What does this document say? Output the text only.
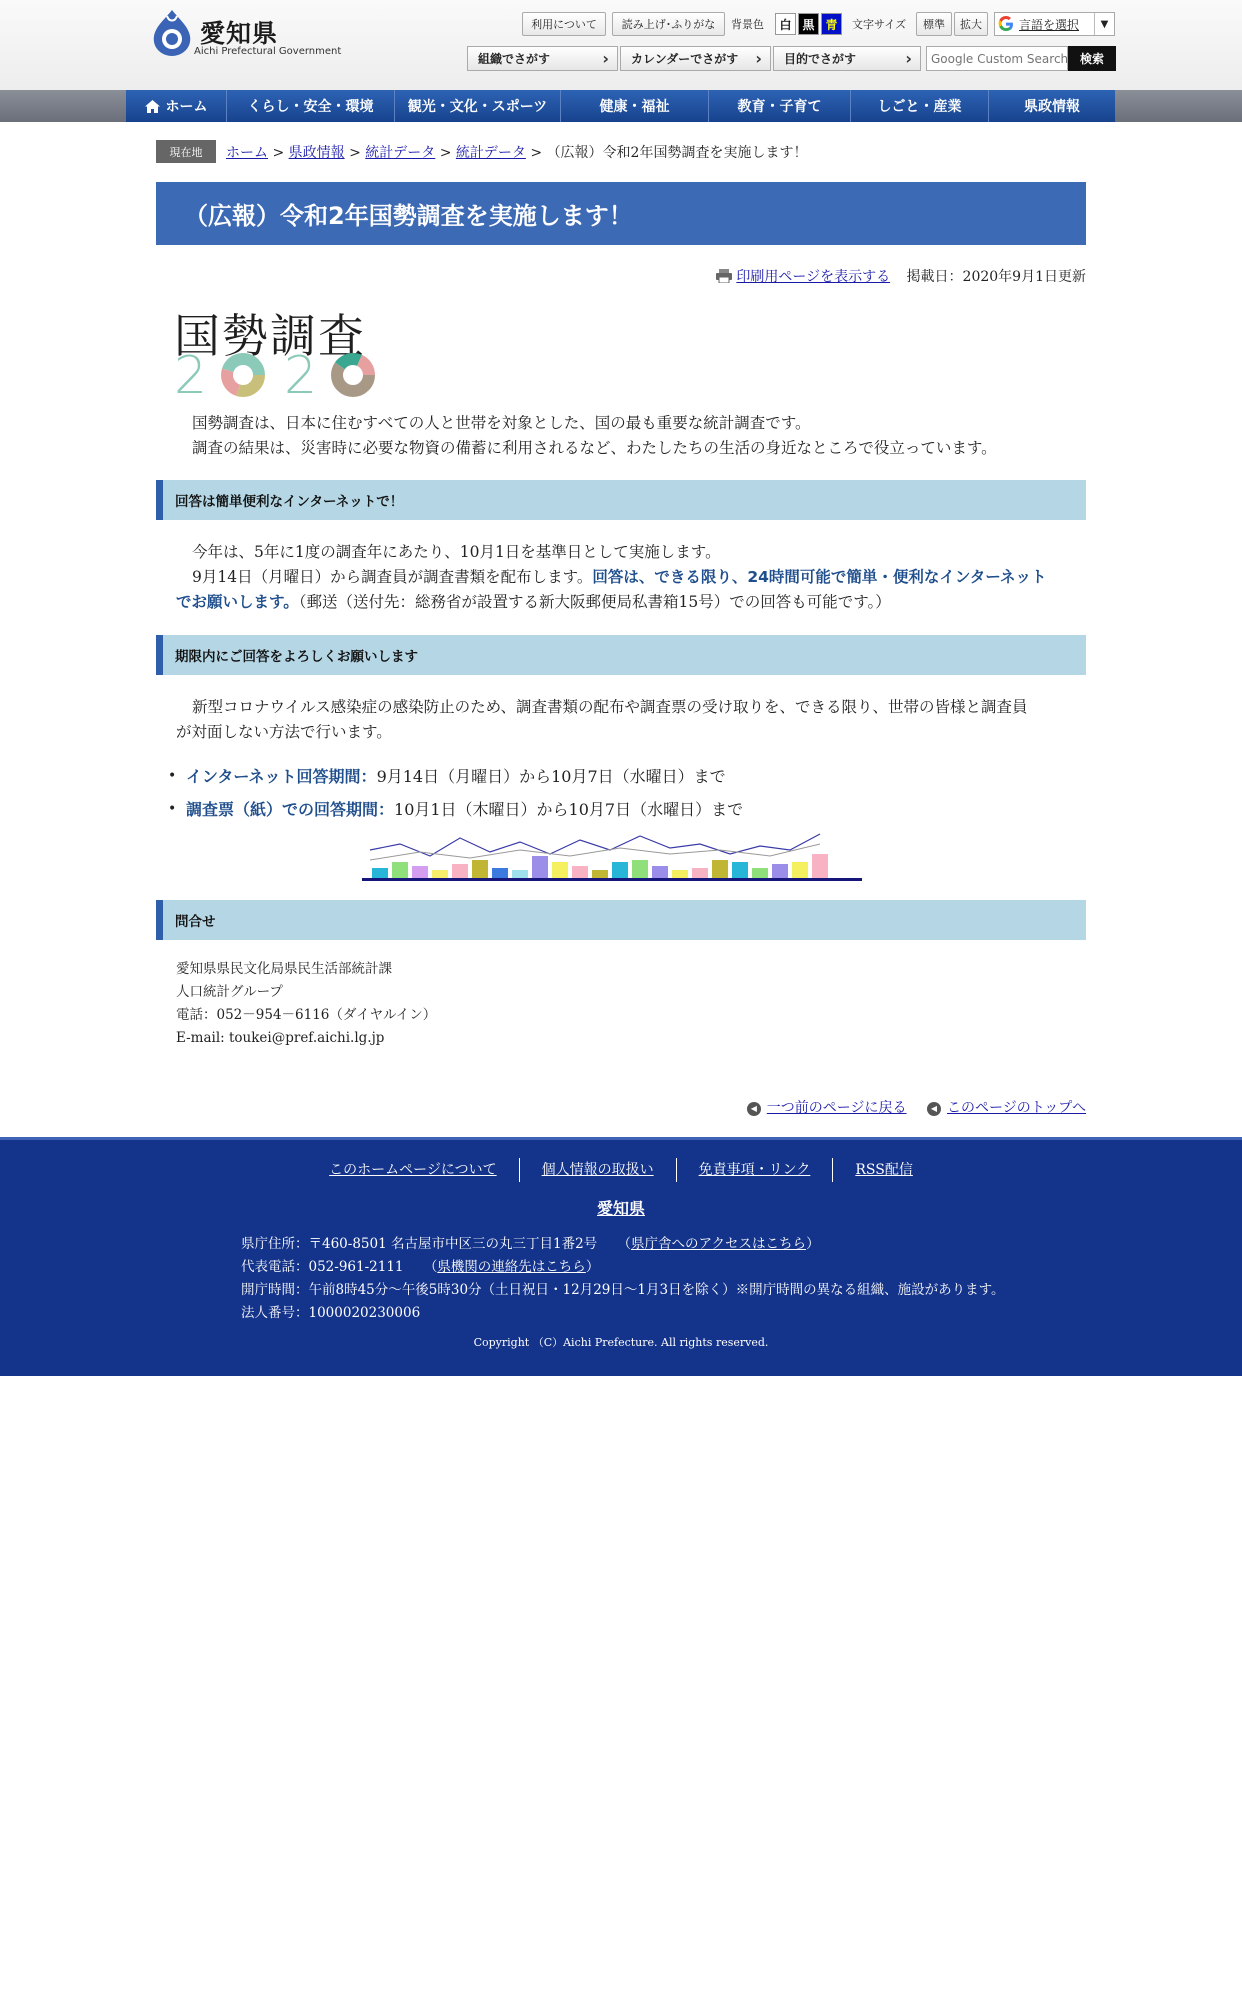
愛知県
Aichi Prefectural Government
利用について	読み上げ･ふりがな	背景色	白 黒 青	文字サイズ	標準	拡大	言語を選択	▼
組織でさがす	› カレンダーでさがす › 目的でさがす	›
Google Custom Search	検索
ホーム	くらし・安全・環境	観光・文化・スポーツ	健康・福祉	教育・子育て	しごと・産業	県政情報
現在地	ホーム > 県政情報 > 統計データ > 統計データ > （広報）令和2年国勢調査を実施します！
（広報）令和2年国勢調査を実施します！
印刷用ページを表示する 掲載日：2020年9月1日更新
国勢調査
2 2
国勢調査は、日本に住むすべての人と世帯を対象とした、国の最も重要な統計調査です。
調査の結果は、災害時に必要な物資の備蓄に利用されるなど、わたしたちの生活の身近なところで役立っています。
回答は簡単便利なインターネットで！
今年は、5年に1度の調査年にあたり、10月1日を基準日として実施します。
9月14日（月曜日）から調査員が調査書類を配布します。回答は、できる限り、24時間可能で簡単・便利なインターネット
でお願いします。（郵送（送付先：総務省が設置する新大阪郵便局私書箱15号）での回答も可能です。）
期限内にご回答をよろしくお願いします
新型コロナウイルス感染症の感染防止のため、調査書類の配布や調査票の受け取りを、できる限り、世帯の皆様と調査員
が対面しない方法で行います。
• インターネット回答期間： 9月14日（月曜日）から10月7日（水曜日）まで
• 調査票（紙）での回答期間： 10月1日（木曜日）から10月7日（水曜日）まで
問合せ
愛知県県民文化局県民生活部統計課
人口統計グループ
電話：052－954－6116（ダイヤルイン）
E-mail: toukei@pref.aichi.lg.jp
◀ 一つ前のページに戻る	◀ このページのトップへ
このホームページについて	個人情報の取扱い	免責事項・リンク	RSS配信
愛知県
県庁住所：〒460-8501 名古屋市中区三の丸三丁目1番2号 （県庁舎へのアクセスはこちら）
代表電話：052-961-2111 （県機関の連絡先はこちら）
開庁時間：午前8時45分～午後5時30分（土日祝日・12月29日～1月3日を除く）※開庁時間の異なる組織、施設があります。
法人番号：1000020230006
Copyright （C）Aichi Prefecture. All rights reserved.
